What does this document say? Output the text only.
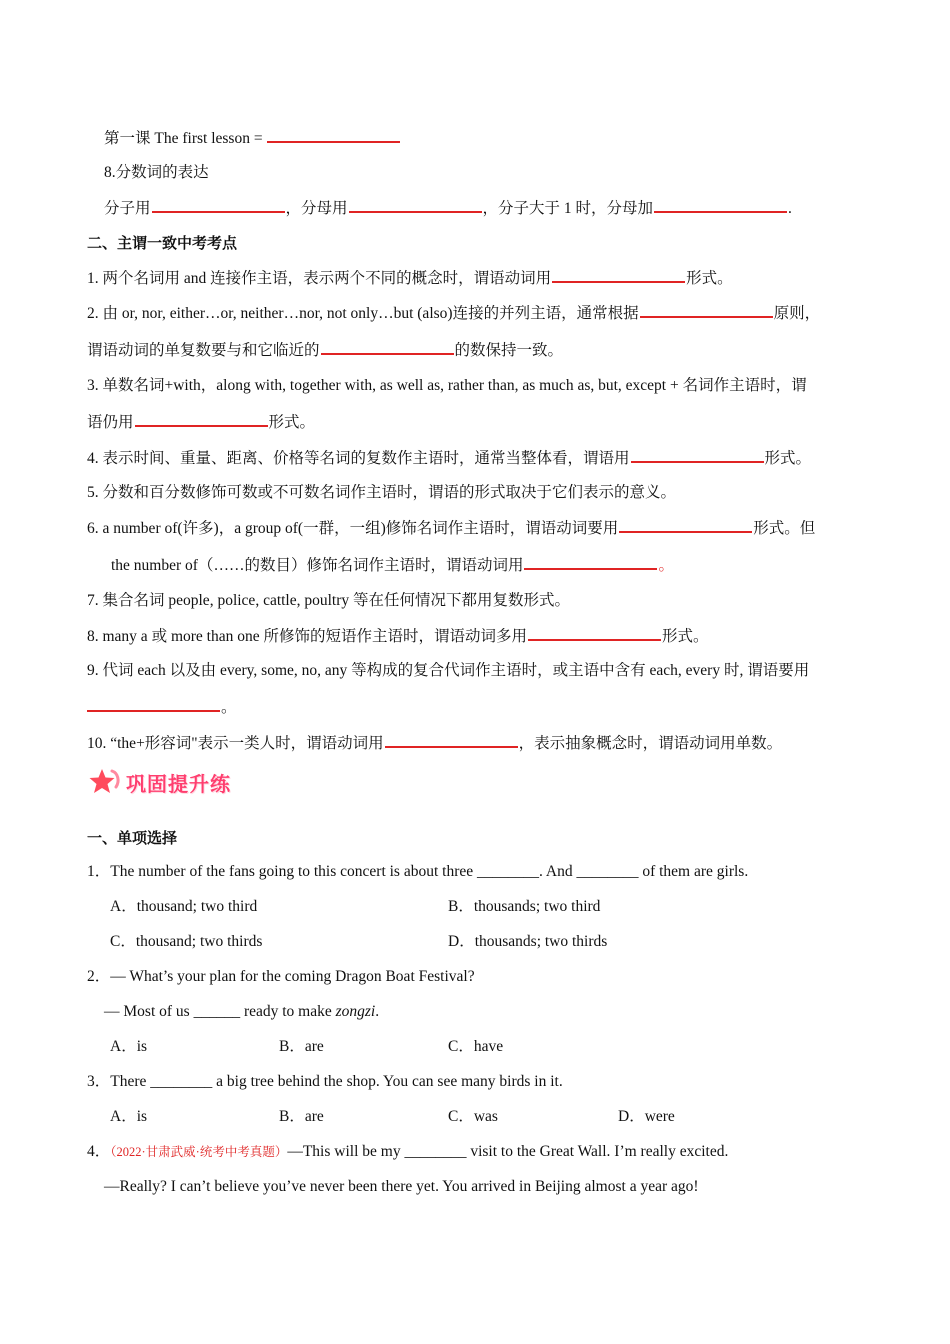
第一课 The first lesson =
8.分数词的表达
分子用	，分母用	，分子大于 1 时，分母加	.
二、主谓一致中考考点
1. 两个名词用 and 连接作主语，表示两个不同的概念时，谓语动词用	形式。
2. 由 or, nor, either…or, neither…nor, not only…but (also)连接的并列主语，通常根据	原则，
谓语动词的单复数要与和它临近的	的数保持一致。
3. 单数名词+with，along with, together with, as well as, rather than, as much as, but, except + 名词作主语时，谓
语仍用	形式。
4. 表示时间、重量、距离、价格等名词的复数作主语时，通常当整体看，谓语用	形式。
5. 分数和百分数修饰可数或不可数名词作主语时，谓语的形式取决于它们表示的意义。
6. a number of(许多)，a group of(一群，一组)修饰名词作主语时，谓语动词要用	形式。但
the number of（……的数目）修饰名词作主语时，谓语动词用	。
7. 集合名词 people, police, cattle, poultry 等在任何情况下都用复数形式。
8. many a 或 more than one 所修饰的短语作主语时，谓语动词多用	形式。
9. 代词 each 以及由 every, some, no, any 等构成的复合代词作主语时，或主语中含有 each, every 时, 谓语要用
。
10. “the+形容词"表示一类人时，谓语动词用	，表示抽象概念时，谓语动词用单数。
巩固提升练
一、单项选择
1．The number of the fans going to this concert is about three ________. And ________ of them are girls.
A．thousand; two third	B．thousands; two third
C．thousand; two thirds	D．thousands; two thirds
2．— What’s your plan for the coming Dragon Boat Festival?
— Most of us ______ ready to make zongzi.
A．is	B．are	C．have
3．There ________ a big tree behind the shop. You can see many birds in it.
A．is	B．are	C．was	D．were
4．（2022·甘肃武威·统考中考真题）—This will be my ________ visit to the Great Wall. I’m really excited.
—Really? I can’t believe you’ve never been there yet. You arrived in Beijing almost a year ago!
